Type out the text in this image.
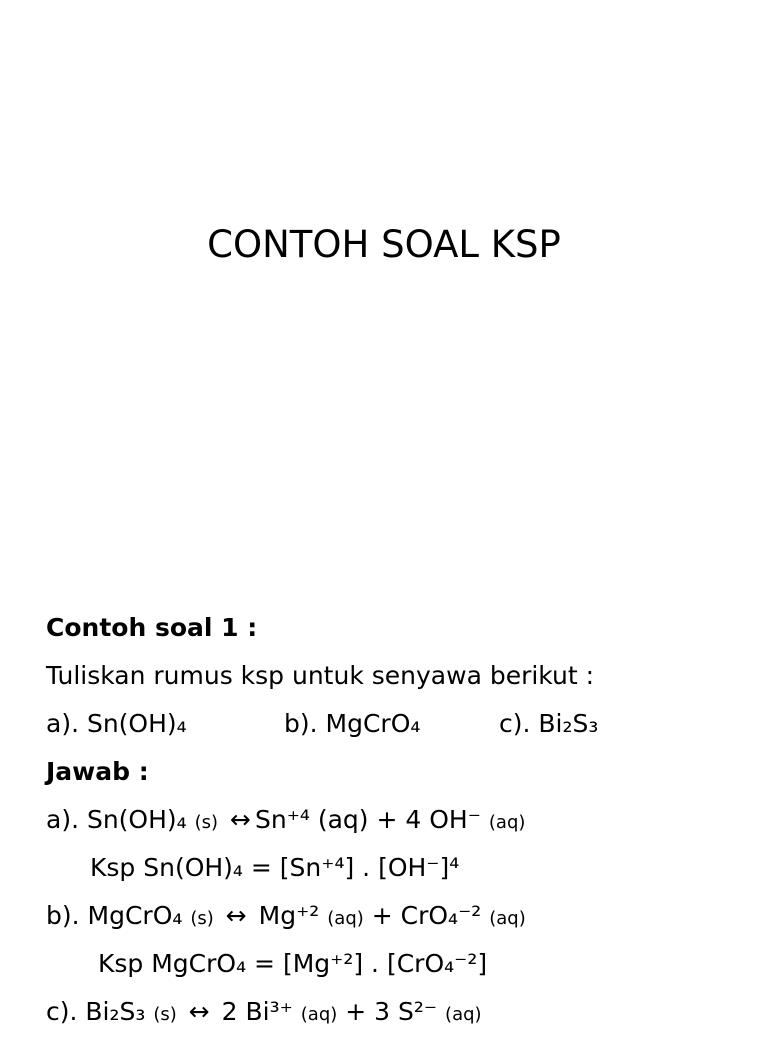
CONTOH SOAL KSP
Contoh soal 1 :
Tuliskan rumus ksp untuk senyawa berikut :
a). Sn(OH)₄	b). MgCrO₄	c). Bi₂S₃
Jawab :
a). Sn(OH)₄ (s) ↔ Sn⁺⁴ (aq) + 4 OH⁻ (aq)
Ksp Sn(OH)₄ = [Sn⁺⁴] . [OH⁻]⁴
b). MgCrO₄ (s) ↔ Mg⁺² (aq) + CrO₄⁻² (aq)
Ksp MgCrO₄ = [Mg⁺²] . [CrO₄⁻²]
c). Bi₂S₃ (s) ↔ 2 Bi³⁺ (aq) + 3 S²⁻ (aq)
